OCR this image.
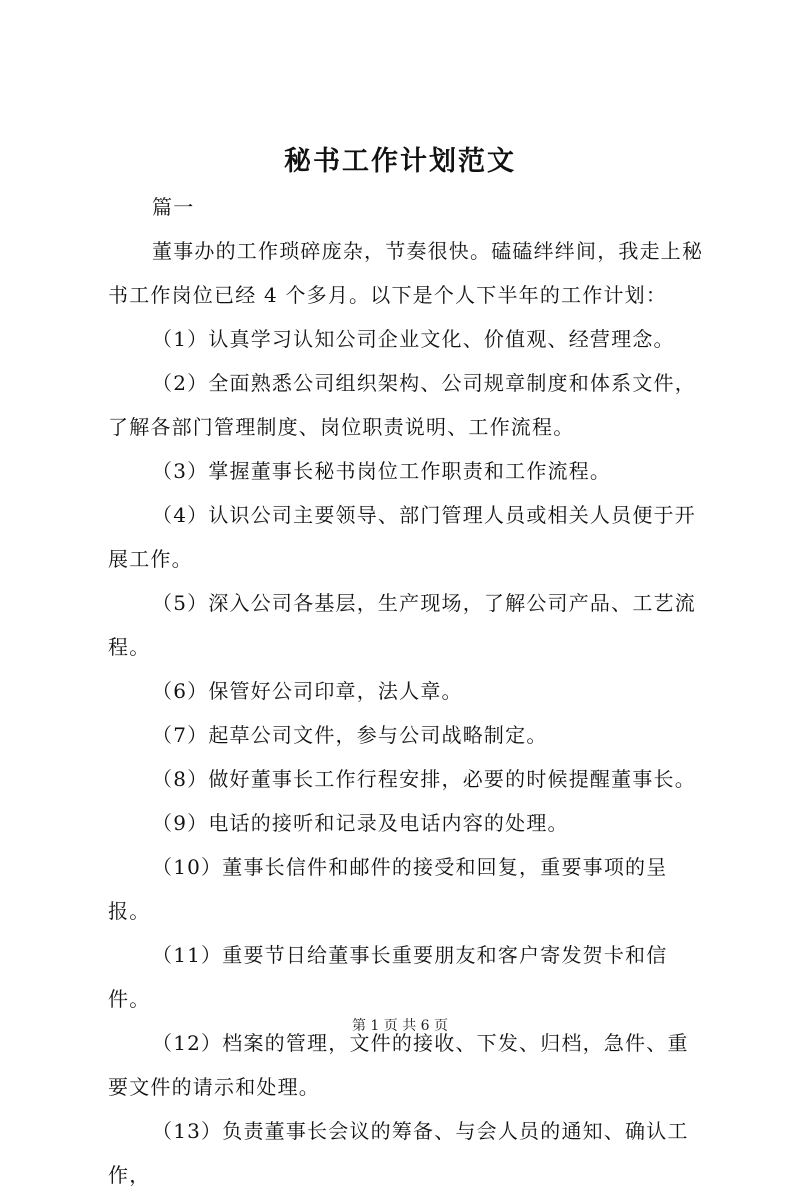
秘书工作计划范文

篇一

董事办的工作琐碎庞杂，节奏很快。磕磕绊绊间，我走上秘书工作岗位已经 4 个多月。以下是个人下半年的工作计划：

（1）认真学习认知公司企业文化、价值观、经营理念。

（2）全面熟悉公司组织架构、公司规章制度和体系文件，了解各部门管理制度、岗位职责说明、工作流程。

（3）掌握董事长秘书岗位工作职责和工作流程。

（4）认识公司主要领导、部门管理人员或相关人员便于开展工作。

（5）深入公司各基层，生产现场，了解公司产品、工艺流程。

（6）保管好公司印章，法人章。

（7）起草公司文件，参与公司战略制定。

（8）做好董事长工作行程安排，必要的时候提醒董事长。

（9）电话的接听和记录及电话内容的处理。

（10）董事长信件和邮件的接受和回复，重要事项的呈报。

（11）重要节日给董事长重要朋友和客户寄发贺卡和信件。

（12）档案的管理，文件的接收、下发、归档，急件、重要文件的请示和处理。

（13）负责董事长会议的筹备、与会人员的通知、确认工作，

第 1 页 共 6 页
